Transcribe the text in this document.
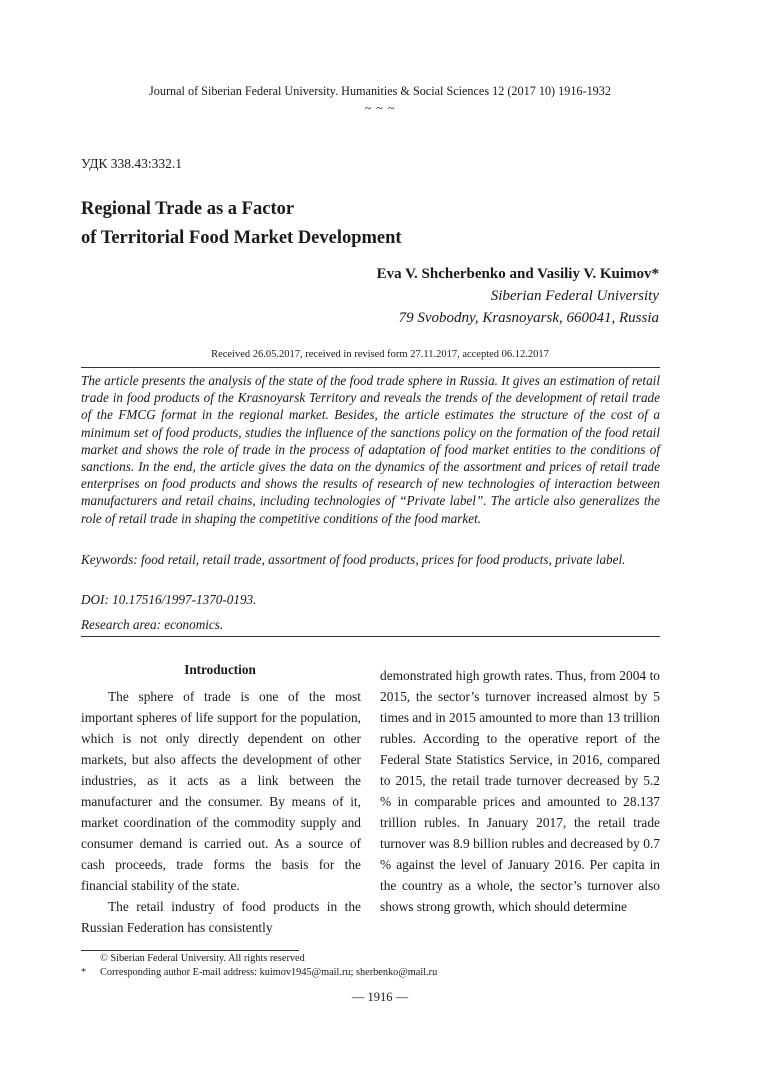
Journal of Siberian Federal University. Humanities & Social Sciences 12 (2017 10) 1916-1932
~ ~ ~
УДК 338.43:332.1
Regional Trade as a Factor
of Territorial Food Market Development
Eva V. Shcherbenko and Vasiliy V. Kuimov*
Siberian Federal University
79 Svobodny, Krasnoyarsk, 660041, Russia
Received 26.05.2017, received in revised form 27.11.2017, accepted 06.12.2017
The article presents the analysis of the state of the food trade sphere in Russia. It gives an estimation of retail trade in food products of the Krasnoyarsk Territory and reveals the trends of the development of retail trade of the FMCG format in the regional market. Besides, the article estimates the structure of the cost of a minimum set of food products, studies the influence of the sanctions policy on the formation of the food retail market and shows the role of trade in the process of adaptation of food market entities to the conditions of sanctions. In the end, the article gives the data on the dynamics of the assortment and prices of retail trade enterprises on food products and shows the results of research of new technologies of interaction between manufacturers and retail chains, including technologies of “Private label”. The article also generalizes the role of retail trade in shaping the competitive conditions of the food market.
Keywords: food retail, retail trade, assortment of food products, prices for food products, private label.
DOI: 10.17516/1997-1370-0193.
Research area: economics.
Introduction

The sphere of trade is one of the most important spheres of life support for the population, which is not only directly dependent on other markets, but also affects the development of other industries, as it acts as a link between the manufacturer and the consumer. By means of it, market coordination of the commodity supply and consumer demand is carried out. As a source of cash proceeds, trade forms the basis for the financial stability of the state.

The retail industry of food products in the Russian Federation has consistently

demonstrated high growth rates. Thus, from 2004 to 2015, the sector’s turnover increased almost by 5 times and in 2015 amounted to more than 13 trillion rubles. According to the operative report of the Federal State Statistics Service, in 2016, compared to 2015, the retail trade turnover decreased by 5.2 % in comparable prices and amounted to 28.137 trillion rubles. In January 2017, the retail trade turnover was 8.9 billion rubles and decreased by 0.7 % against the level of January 2016. Per capita in the country as a whole, the sector’s turnover also shows strong growth, which should determine

© Siberian Federal University. All rights reserved
* Corresponding author E-mail address: kuimov1945@mail.ru; sherbenko@mail.ru
— 1916 —
